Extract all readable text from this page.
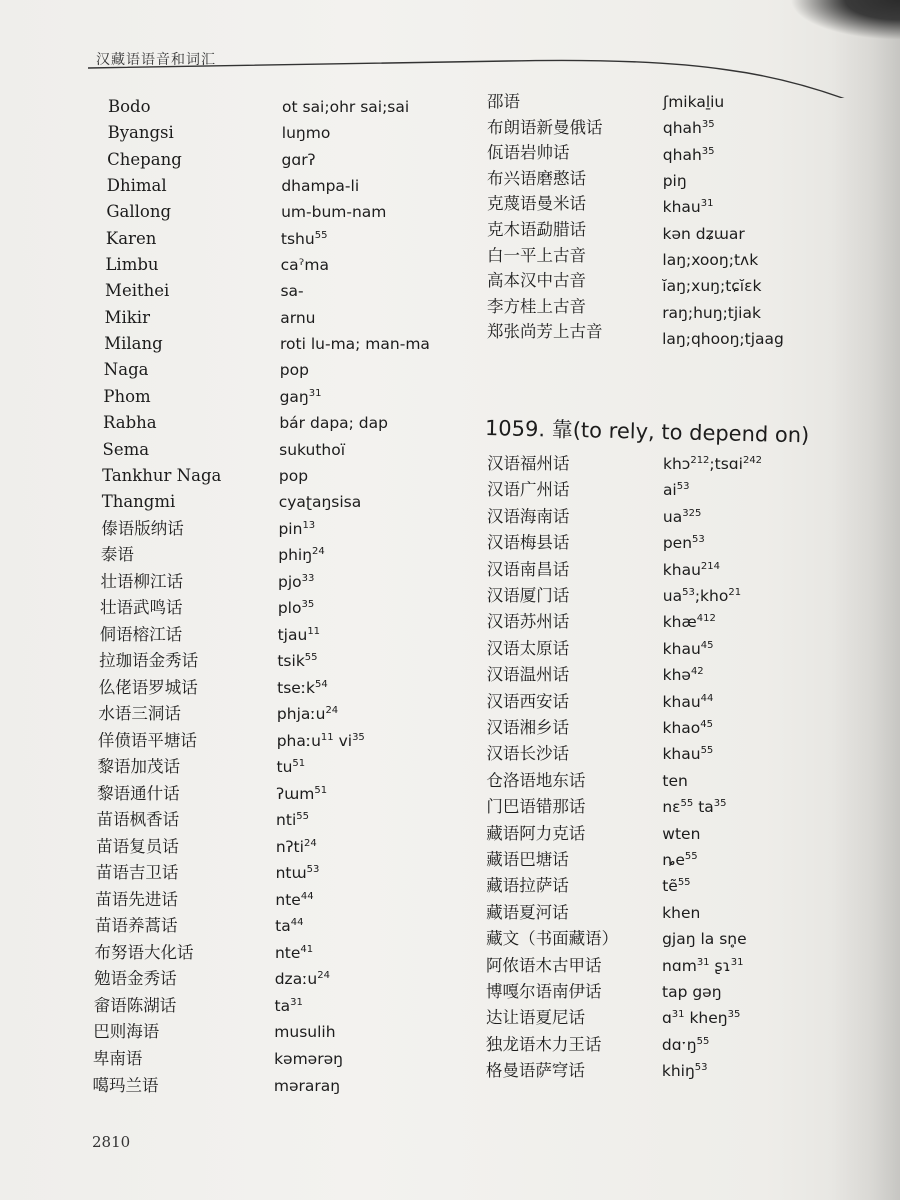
汉藏语语音和词汇
Bodo	ot sai;ohr sai;sai
Byangsi	luŋmo
Chepang	gɑrʔ
Dhimal	dhampa-li
Gallong	um-bum-nam
Karen	tshu$^{55}$
Limbu	caˀma
Meithei	sa-
Mikir	arnu
Milang	roti lu-ma; man-ma
Naga	pop
Phom	gaŋ$^{31}$
Rabha	bár dapa; dap
Sema	sukuthoï
Tankhur Naga	pop
Thangmi	cyaʈaŋsisa
傣语版纳话	pin$^{13}$
泰语	phiŋ$^{24}$
壮语柳江话	pjo$^{33}$
壮语武鸣话	plo$^{35}$
侗语榕江话	tjau$^{11}$
拉珈语金秀话	tsik$^{55}$
仫佬语罗城话	tseːk$^{54}$
水语三洞话	phjaːu$^{24}$
佯偾语平塘话	phaːu$^{11}$ $vi^{35}$
黎语加茂话	$tu^{51}$
黎语通什话	ʔɯm$^{51}$
苗语枫香话	nti$^{55}$
苗语复员话	nʔti$^{24}$
苗语吉卫话	ntɯ$^{53}$
苗语先进话	nte$^{44}$
苗语养蒿话	$ta^{44}$
布努语大化话	nte$^{41}$
勉语金秀话	dzaːu$^{24}$
畲语陈湖话	$ta^{31}$
巴则海语	musulih
卑南语	kəmərəŋ
噶玛兰语	məraraŋ
邵语	ʃmikaḻiu
布朗语新曼俄话	qhah$^{35}$
佤语岩帅话	qhah$^{35}$
布兴语磨憨话	piŋ
克蔑语曼米话	khau$^{31}$
克木语勐腊话	kən dʑɯar
白一平上古音	laŋ;xooŋ;tʌk
高本汉中古音	ĭaŋ;xuŋ;tɕĭɛk
李方桂上古音	raŋ;huŋ;tjiak
郑张尚芳上古音	laŋ;qhooŋ;tjaag
1059. 靠(to rely, to depend on)
汉语福州话	khɔ$^{212}$;tsɑi$^{242}$
汉语广州话	$ai^{53}$
汉语海南话	$ua^{325}$
汉语梅县话	pen$^{53}$
汉语南昌话	khau$^{214}$
汉语厦门话	$ua^{53};kho^{21}$
汉语苏州话	khæ$^{412}$
汉语太原话	khau$^{45}$
汉语温州话	khə$^{42}$
汉语西安话	khau$^{44}$
汉语湘乡话	khao$^{45}$
汉语长沙话	khau$^{55}$
仓洛语地东话	ten
门巴语错那话	nɛ$^{55}$ $ta^{35}$
藏语阿力克话	wten
藏语巴塘话	$ȵe^{55}$
藏语拉萨话	tẽ$^{55}$
藏语夏河话	khen
藏文（书面藏语）	gjaŋ la sn̥e
阿侬语木古甲话	nɑm$^{31}$ ʂɿ$^{31}$
博嘎尔语南伊话	tap gəŋ
达让语夏尼话	ɑ$^{31}$ kheŋ$^{35}$
独龙语木力王话	dɑˑŋ$^{55}$
格曼语萨穹话	khiŋ$^{53}$
2810
